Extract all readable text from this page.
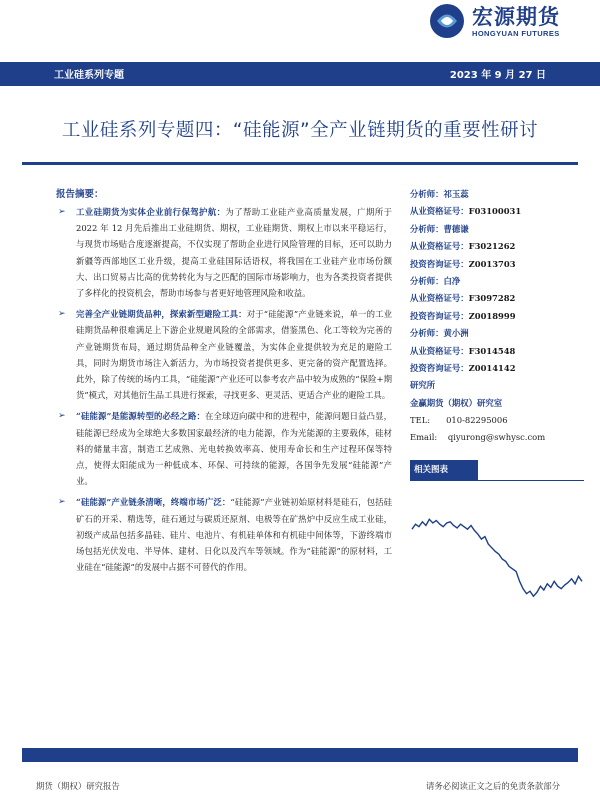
宏源期货
HONGYUAN FUTURES
工业硅系列专题	2023 年 9 月 27 日
工业硅系列专题四：“硅能源”全产业链期货的重要性研讨
报告摘要：
➢ 工业硅期货为实体企业前行保驾护航：为了帮助工业硅产业高质量发展，广期所于 2022 年 12 月先后推出工业硅期货、期权，工业硅期货、期权上市以来平稳运行，与现货市场贴合度逐渐提高，不仅实现了帮助企业进行风险管理的目标，还可以助力新疆等西部地区工业升级，提高工业硅国际话语权，将我国在工业硅产业市场份额大、出口贸易占比高的优势转化为与之匹配的国际市场影响力，也为各类投资者提供了多样化的投资机会，帮助市场参与者更好地管理风险和收益。
➢ 完善全产业链期货品种，探索新型避险工具：对于“硅能源”产业链来说，单一的工业硅期货品种很难满足上下游企业规避风险的全部需求，借鉴黑色、化工等较为完善的产业链期货布局，通过期货品种全产业链覆盖，为实体企业提供较为充足的避险工具，同时为期货市场注入新活力，为市场投资者提供更多、更完备的资产配置选择。此外，除了传统的场内工具，“硅能源”产业还可以参考农产品中较为成熟的“保险+期货”模式，对其他衍生品工具进行探索，寻找更多、更灵活、更适合产业的避险工具。
➢ “硅能源”是能源转型的必经之路：在全球迈向碳中和的进程中，能源问题日益凸显，硅能源已经成为全球绝大多数国家最经济的电力能源，作为光能源的主要载体，硅材料的储量丰富，制造工艺成熟、光电转换效率高、使用寿命长和生产过程环保等特点，使得太阳能成为一种低成本、环保、可持续的能源，各国争先发展“硅能源”产业。
➢ “硅能源”产业链条清晰，终端市场广泛：“硅能源”产业链初始原材料是硅石，包括硅矿石的开采、精选等，硅石通过与碳质还原剂、电极等在矿热炉中反应生成工业硅，初级产成品包括多晶硅、硅片、电池片、有机硅单体和有机硅中间体等，下游终端市场包括光伏发电、半导体、建材、日化以及汽车等领域。作为“硅能源”的原材料，工业硅在“硅能源”的发展中占据不可替代的作用。
分析师：祁玉蕊
从业资格证号：F03100031
分析师：曹德谦
从业资格证号：F3021262
投资咨询证号：Z0013703
分析师：白净
从业资格证号：F3097282
投资咨询证号：Z0018999
分析师：黄小洲
从业资格证号：F3014548
投资咨询证号：Z0014142
研究所
金赢期货（期权）研究室
TEL: 010-82295006
Email: qiyurong@swhysc.com
相关图表
期货（期权）研究报告	请务必阅读正文之后的免责条款部分
